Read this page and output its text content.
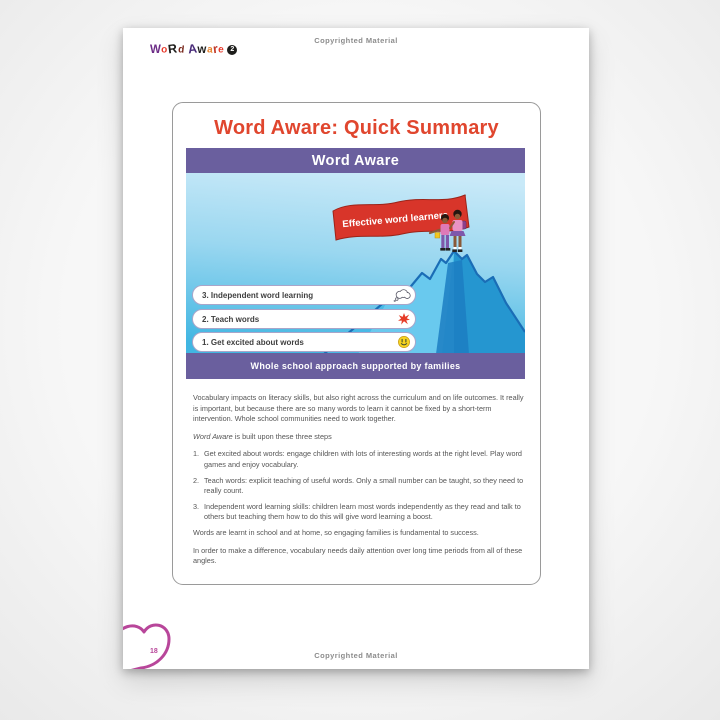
Copyrighted Material
WoRd Aware 2
Word Aware: Quick Summary
Word Aware
Effective word learners
3. Independent word learning
2. Teach words
1. Get excited about words
Whole school approach supported by families

Vocabulary impacts on literacy skills, but also right across the curriculum and on life outcomes. It really is important, but because there are so many words to learn it cannot be fixed by a short-term intervention. Whole school communities need to work together.

Word Aware is built upon these three steps

1. Get excited about words: engage children with lots of interesting words at the right level. Play word games and enjoy vocabulary.
2. Teach words: explicit teaching of useful words. Only a small number can be taught, so they need to really count.
3. Independent word learning skills: children learn most words independently as they read and talk to others but teaching them how to do this will give word learning a boost.

Words are learnt in school and at home, so engaging families is fundamental to success.

In order to make a difference, vocabulary needs daily attention over long time periods from all of these angles.

18	Copyrighted Material
